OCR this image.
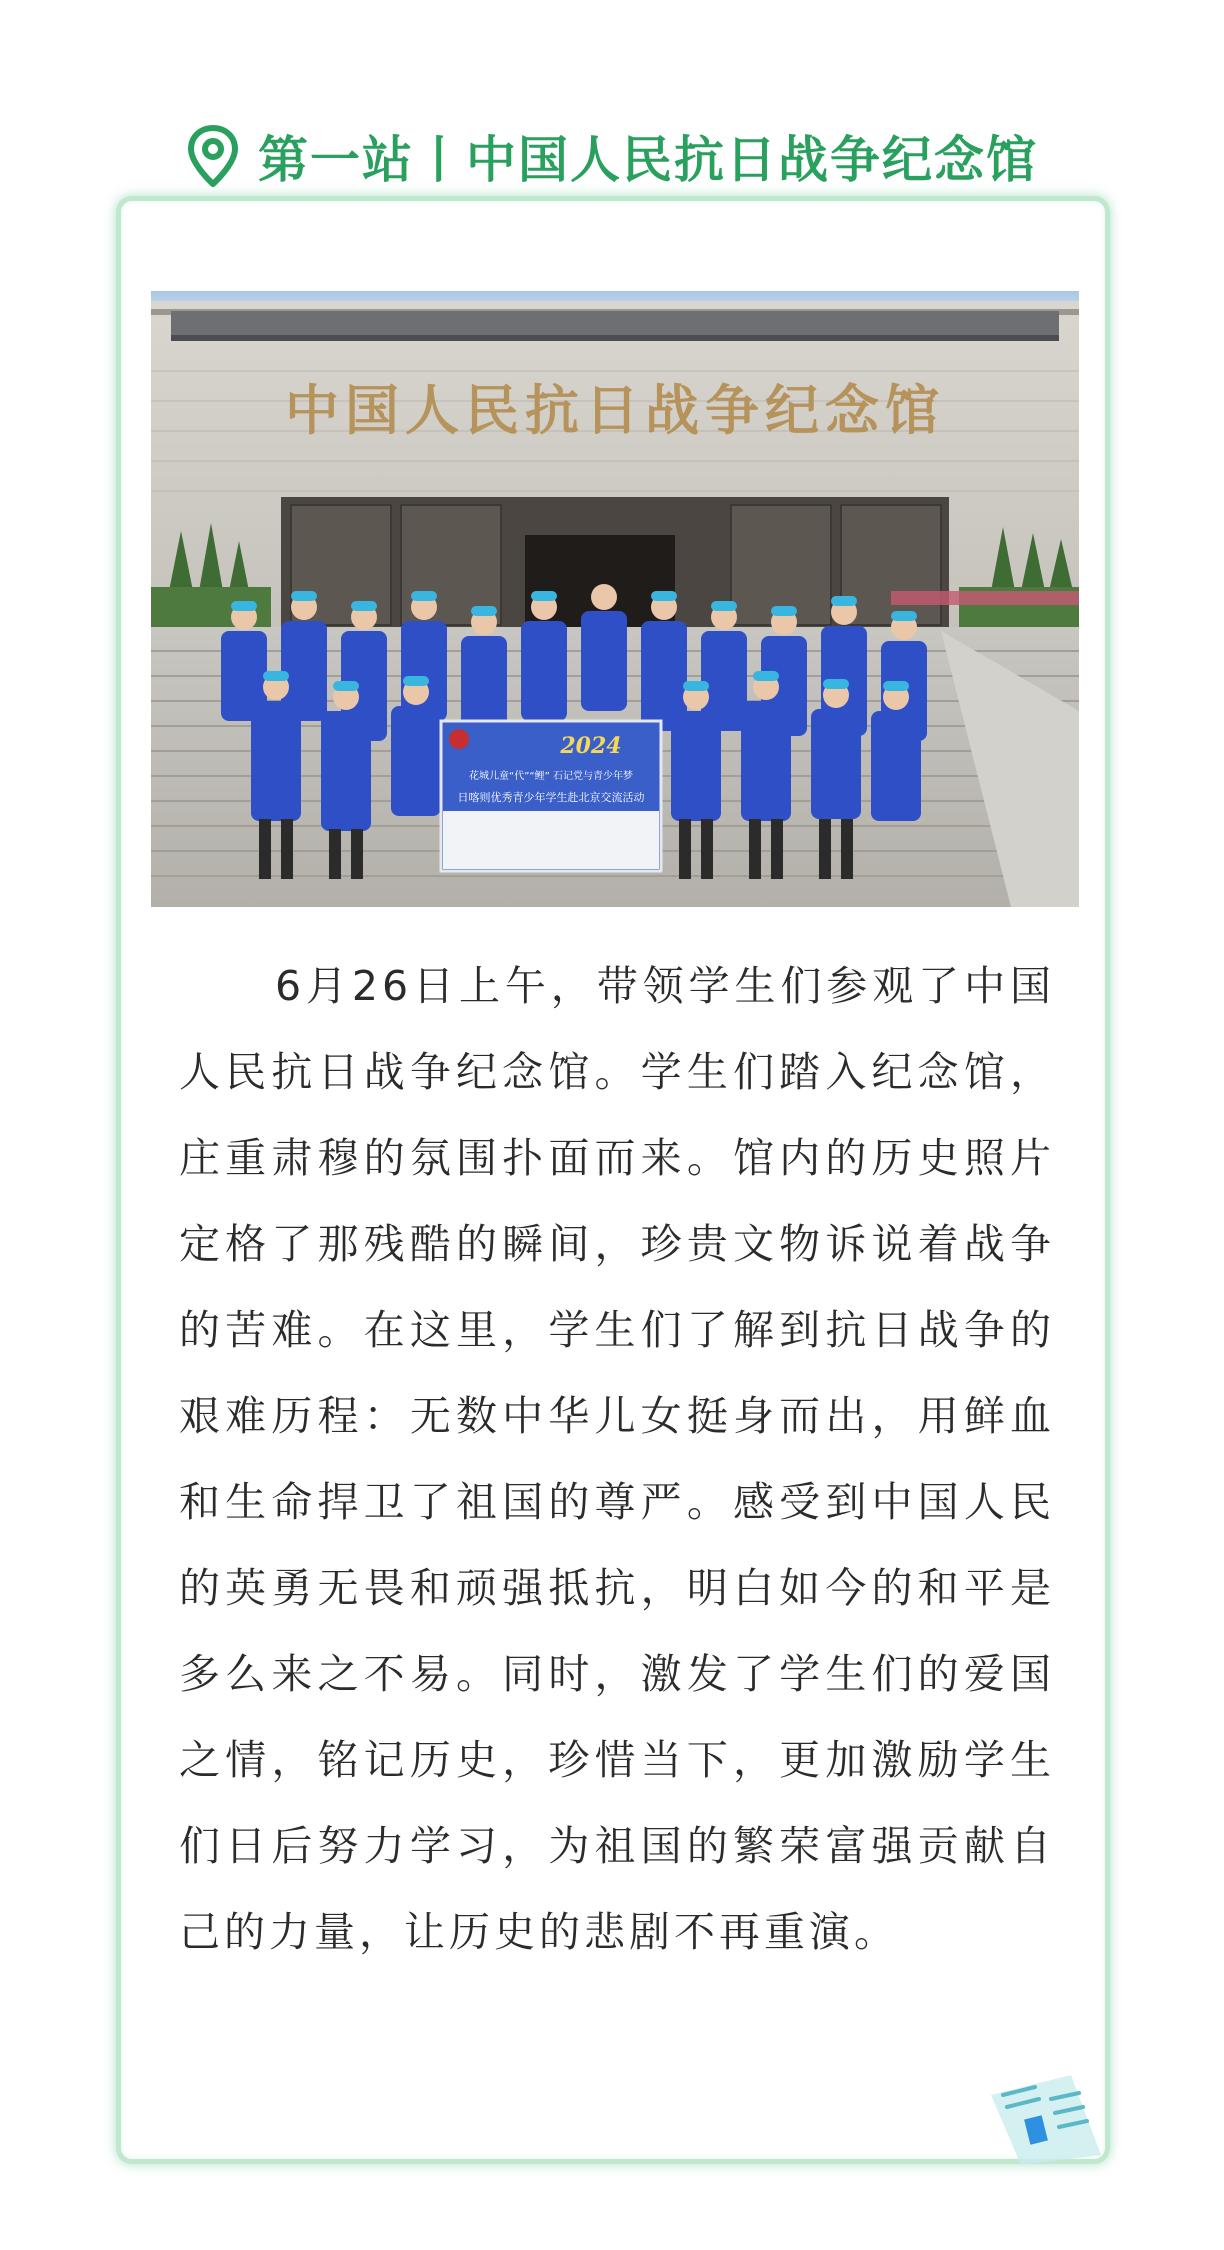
第一站丨中国人民抗日战争纪念馆
中国人民抗日战争纪念馆
2024
花城儿童“代”“鲤” 石记党与青少年梦
日喀则优秀青少年学生赴北京交流活动

6月26日上午，带领学生们参观了中国人民抗日战争纪念馆。学生们踏入纪念馆，庄重肃穆的氛围扑面而来。馆内的历史照片定格了那残酷的瞬间，珍贵文物诉说着战争的苦难。在这里，学生们了解到抗日战争的艰难历程：无数中华儿女挺身而出，用鲜血和生命捍卫了祖国的尊严。感受到中国人民的英勇无畏和顽强抵抗，明白如今的和平是多么来之不易。同时，激发了学生们的爱国之情，铭记历史，珍惜当下，更加激励学生们日后努力学习，为祖国的繁荣富强贡献自己的力量，让历史的悲剧不再重演。
